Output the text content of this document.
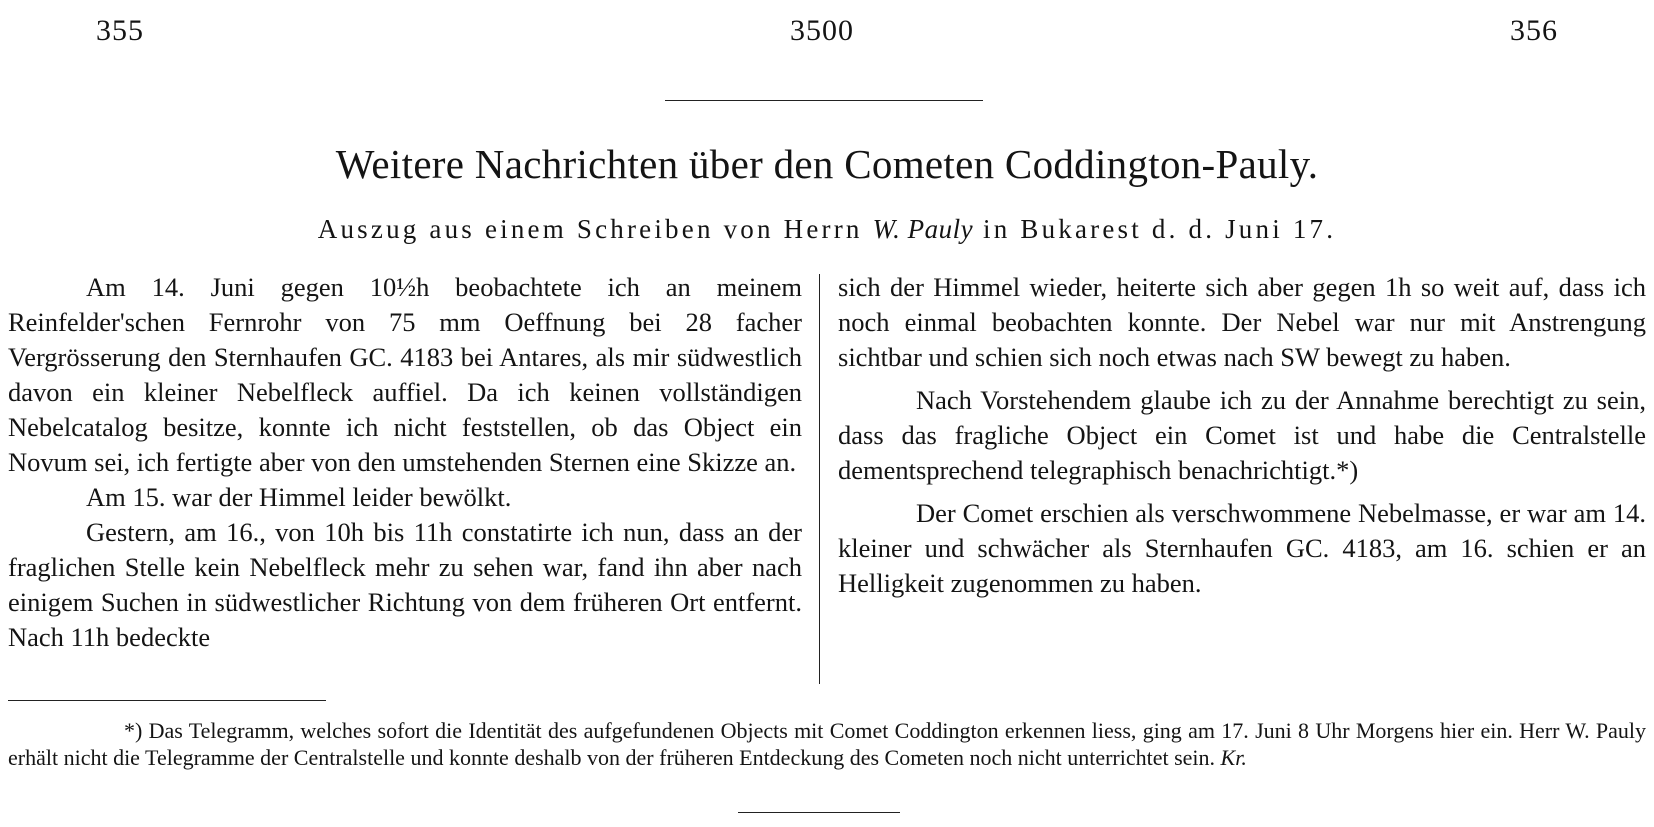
355	3500	356
Weitere Nachrichten über den Cometen Coddington-Pauly.
Auszug aus einem Schreiben von Herrn W. Pauly in Bukarest d. d. Juni 17.

Am 14. Juni gegen 10½h beobachtete ich an meinem Reinfelder'schen Fernrohr von 75 mm Oeffnung bei 28 facher Vergrösserung den Sternhaufen GC. 4183 bei Antares, als mir südwestlich davon ein kleiner Nebelfleck auffiel. Da ich keinen vollständigen Nebelcatalog besitze, konnte ich nicht feststellen, ob das Object ein Novum sei, ich fertigte aber von den umstehenden Sternen eine Skizze an.

Am 15. war der Himmel leider bewölkt.

Gestern, am 16., von 10h bis 11h constatirte ich nun, dass an der fraglichen Stelle kein Nebelfleck mehr zu sehen war, fand ihn aber nach einigem Suchen in südwestlicher Richtung von dem früheren Ort entfernt. Nach 11h bedeckte

sich der Himmel wieder, heiterte sich aber gegen 1h so weit auf, dass ich noch einmal beobachten konnte. Der Nebel war nur mit Anstrengung sichtbar und schien sich noch etwas nach SW bewegt zu haben.

Nach Vorstehendem glaube ich zu der Annahme berechtigt zu sein, dass das fragliche Object ein Comet ist und habe die Centralstelle dementsprechend telegraphisch benachrichtigt.*)

Der Comet erschien als verschwommene Nebelmasse, er war am 14. kleiner und schwächer als Sternhaufen GC. 4183, am 16. schien er an Helligkeit zugenommen zu haben.

*) Das Telegramm, welches sofort die Identität des aufgefundenen Objects mit Comet Coddington erkennen liess, ging am 17. Juni 8 Uhr Morgens hier ein. Herr W. Pauly erhält nicht die Telegramme der Centralstelle und konnte deshalb von der früheren Entdeckung des Cometen noch nicht unterrichtet sein. Kr.
